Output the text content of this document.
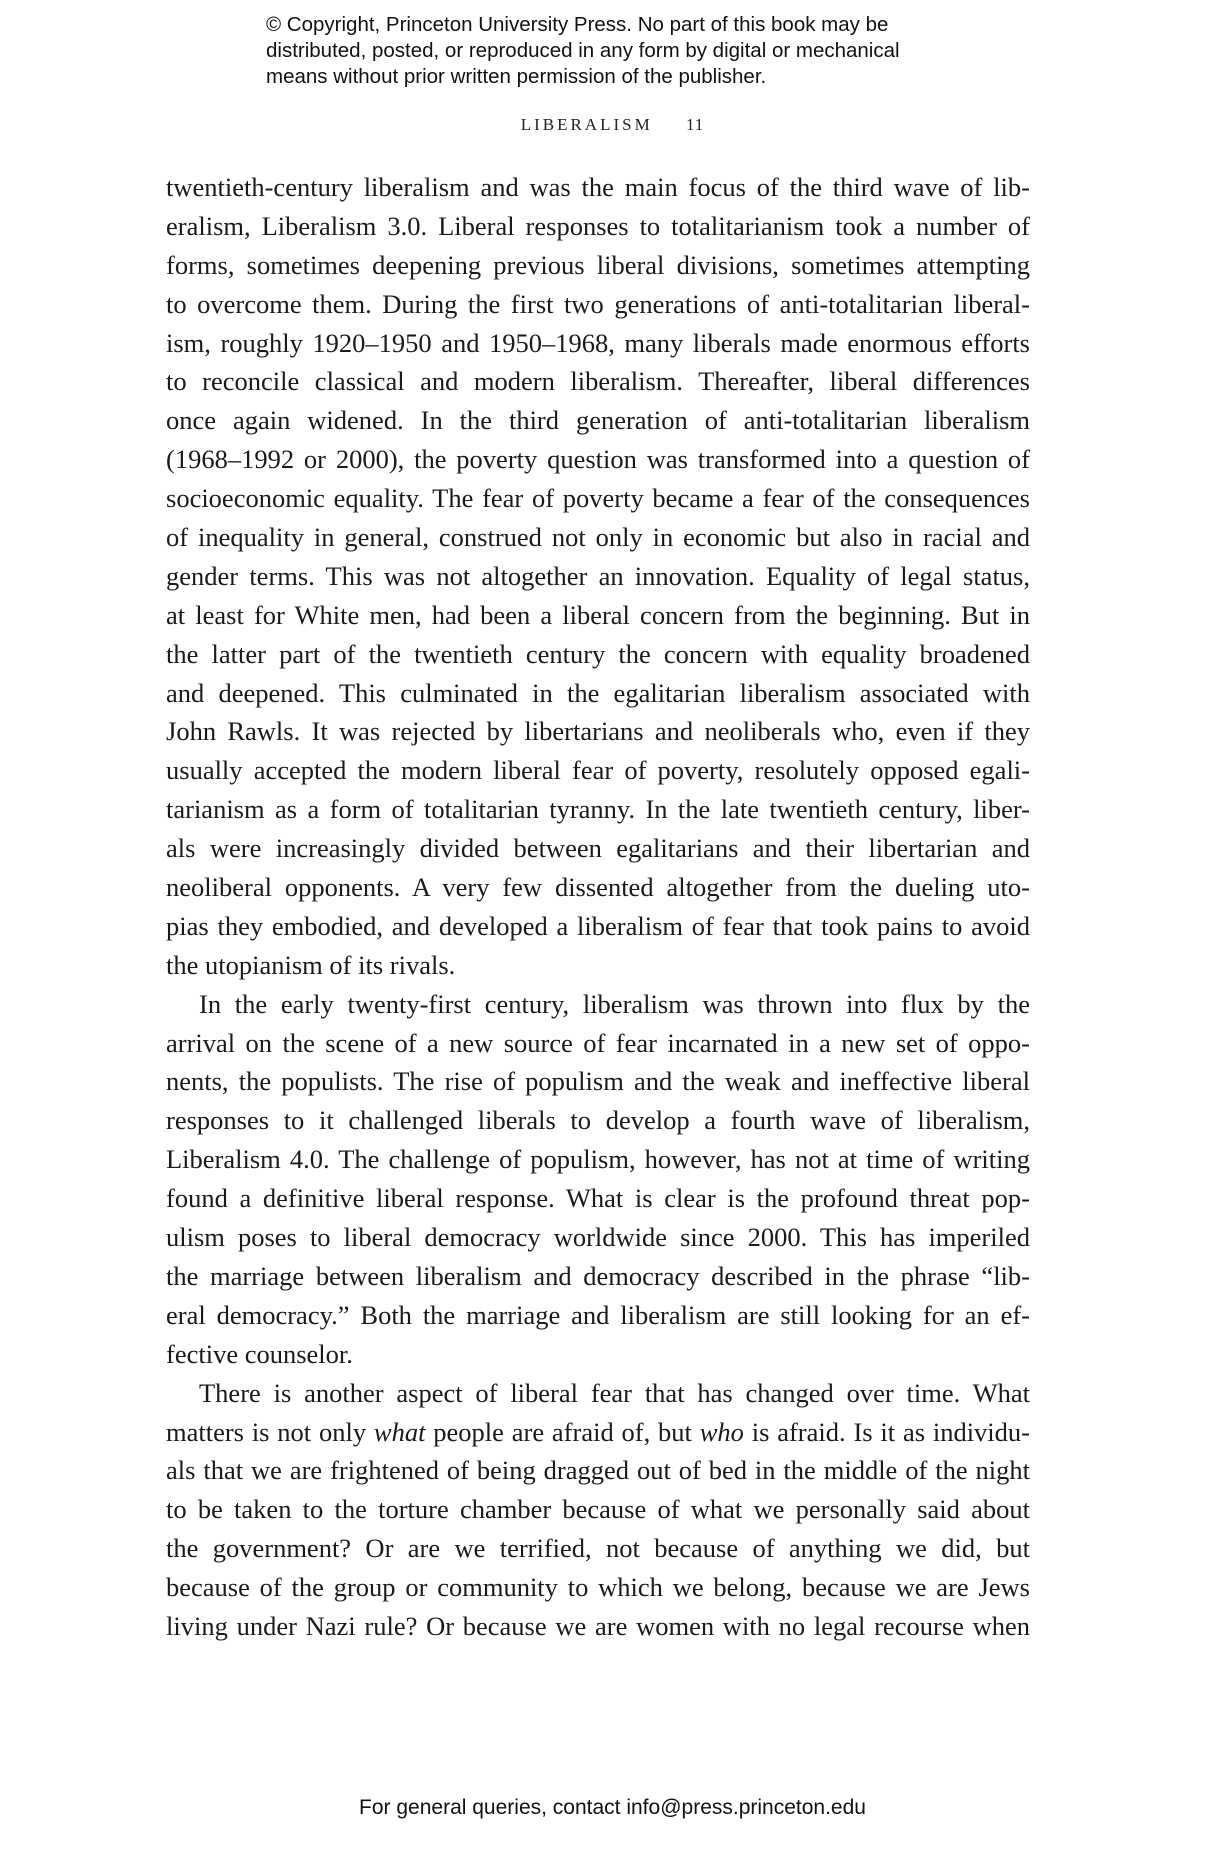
© Copyright, Princeton University Press. No part of this book may be
distributed, posted, or reproduced in any form by digital or mechanical
means without prior written permission of the publisher.
LIBERALISM 11
twentieth-century liberalism and was the main focus of the third wave of lib-
eralism, Liberalism 3.0. Liberal responses to totalitarianism took a number of
forms, sometimes deepening previous liberal divisions, sometimes attempting
to overcome them. During the first two generations of anti-totalitarian liberal-
ism, roughly 1920–1950 and 1950–1968, many liberals made enormous efforts
to reconcile classical and modern liberalism. Thereafter, liberal differences
once again widened. In the third generation of anti-totalitarian liberalism
(1968–1992 or 2000), the poverty question was transformed into a question of
socioeconomic equality. The fear of poverty became a fear of the consequences
of inequality in general, construed not only in economic but also in racial and
gender terms. This was not altogether an innovation. Equality of legal status,
at least for White men, had been a liberal concern from the beginning. But in
the latter part of the twentieth century the concern with equality broadened
and deepened. This culminated in the egalitarian liberalism associated with
John Rawls. It was rejected by libertarians and neoliberals who, even if they
usually accepted the modern liberal fear of poverty, resolutely opposed egali-
tarianism as a form of totalitarian tyranny. In the late twentieth century, liber-
als were increasingly divided between egalitarians and their libertarian and
neoliberal opponents. A very few dissented altogether from the dueling uto-
pias they embodied, and developed a liberalism of fear that took pains to avoid
the utopianism of its rivals.
In the early twenty-first century, liberalism was thrown into flux by the
arrival on the scene of a new source of fear incarnated in a new set of oppo-
nents, the populists. The rise of populism and the weak and ineffective liberal
responses to it challenged liberals to develop a fourth wave of liberalism,
Liberalism 4.0. The challenge of populism, however, has not at time of writing
found a definitive liberal response. What is clear is the profound threat pop-
ulism poses to liberal democracy worldwide since 2000. This has imperiled
the marriage between liberalism and democracy described in the phrase “lib-
eral democracy.” Both the marriage and liberalism are still looking for an ef-
fective counselor.
There is another aspect of liberal fear that has changed over time. What
matters is not only what people are afraid of, but who is afraid. Is it as individu-
als that we are frightened of being dragged out of bed in the middle of the night
to be taken to the torture chamber because of what we personally said about
the government? Or are we terrified, not because of anything we did, but
because of the group or community to which we belong, because we are Jews
living under Nazi rule? Or because we are women with no legal recourse when
For general queries, contact info@press.princeton.edu
